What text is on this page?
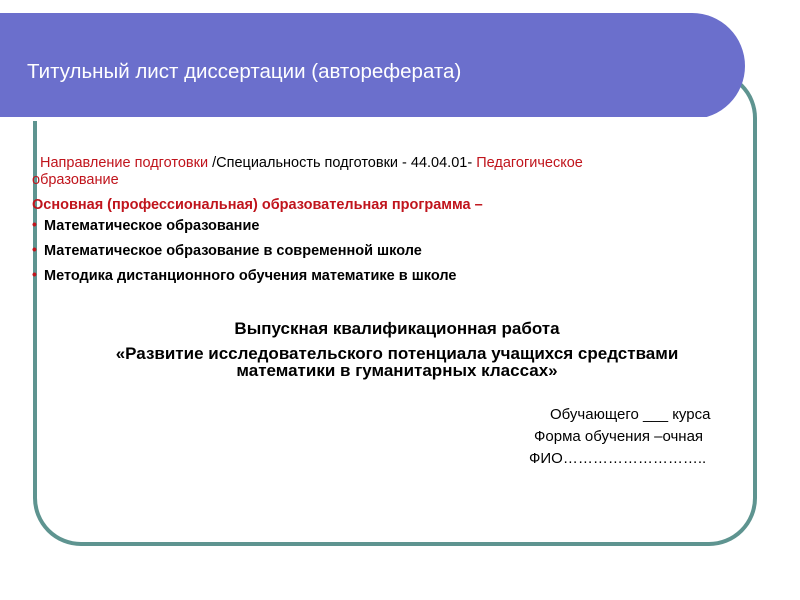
Титульный лист диссертации (автореферата)
Направление подготовки /Специальность подготовки - 44.04.01- Педагогическое
образование
Основная (профессиональная) образовательная программа –
• Математическое образование
• Математическое образование в современной школе
• Методика дистанционного обучения математике в школе
Выпускная квалификационная работа
«Развитие исследовательского потенциала учащихся средствами
математики в гуманитарных классах»
Обучающего ___ курса
Форма обучения –очная
ФИО………………………..
